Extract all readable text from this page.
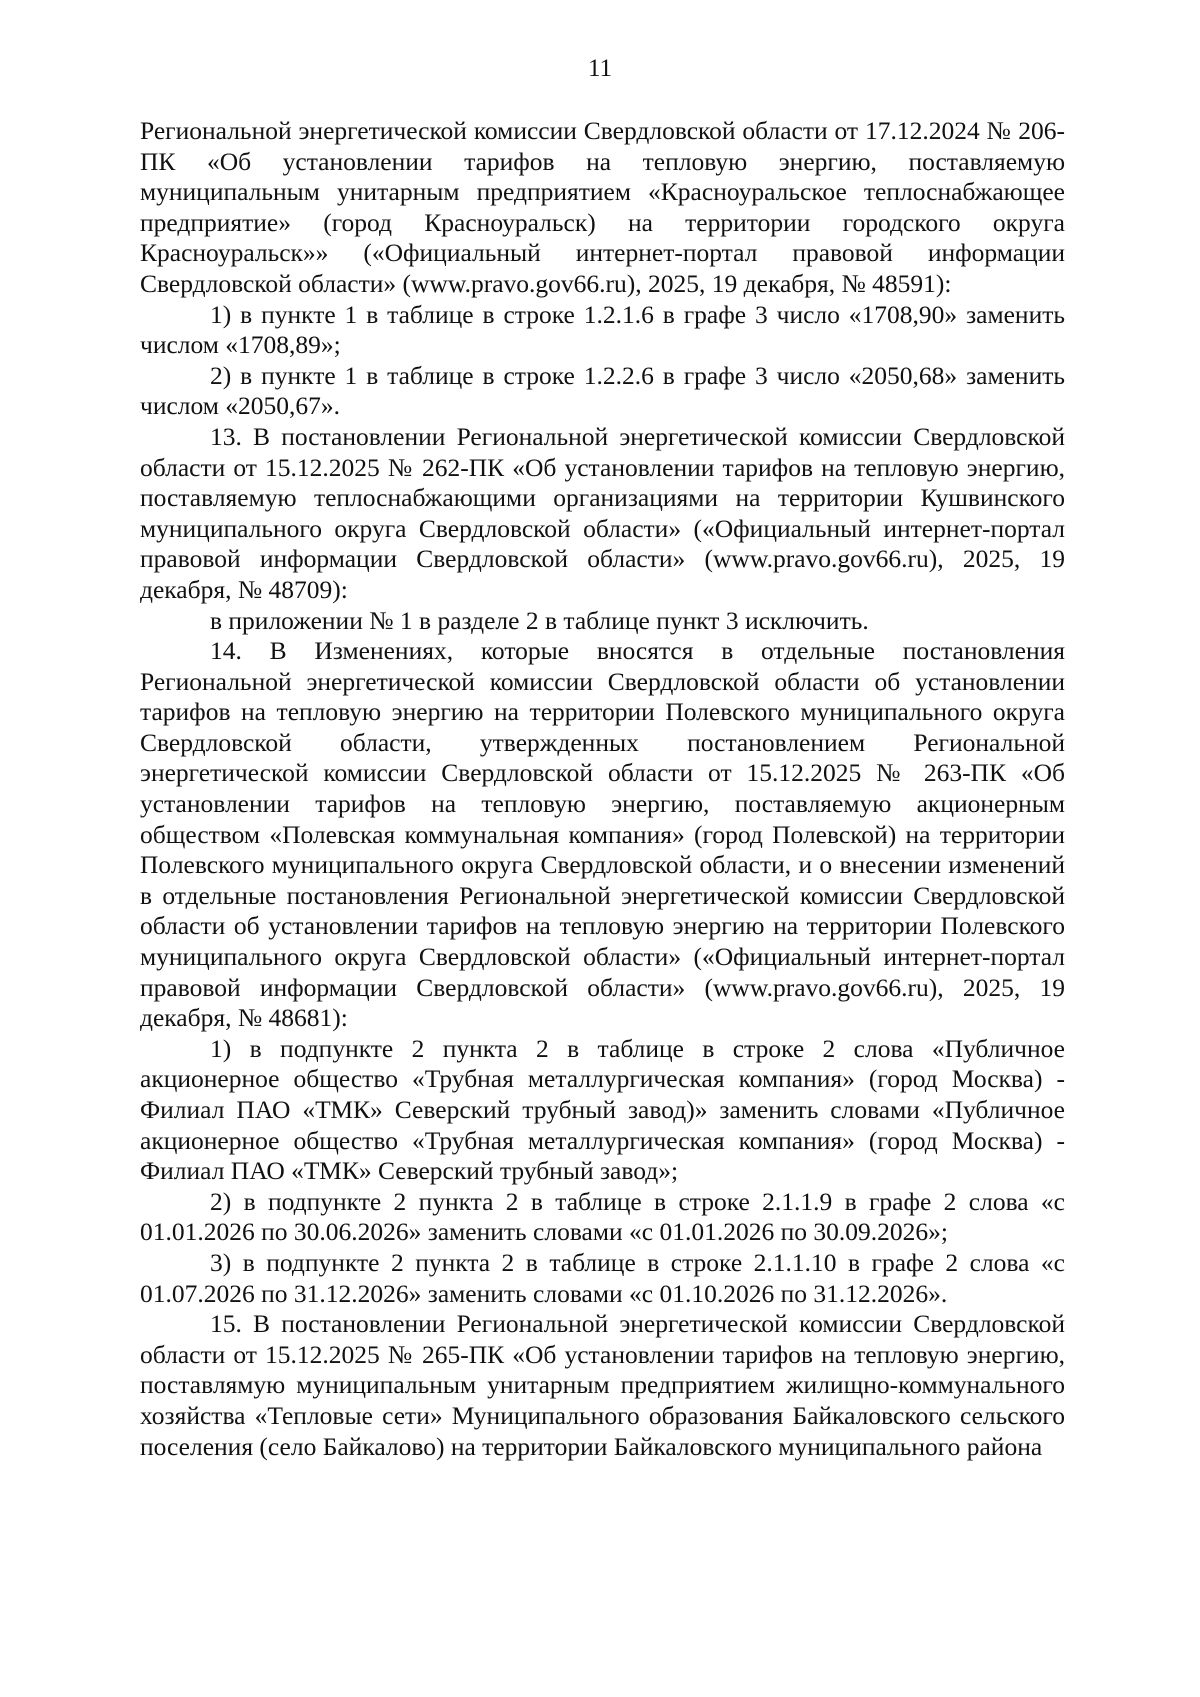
11

Региональной энергетической комиссии Свердловской области от 17.12.2024 № 206-ПК «Об установлении тарифов на тепловую энергию, поставляемую муниципальным унитарным предприятием «Красноуральское теплоснабжающее предприятие» (город Красноуральск) на территории городского округа Красноуральск»» («Официальный интернет-портал правовой информации Свердловской области» (www.pravo.gov66.ru), 2025, 19 декабря, № 48591):

1) в пункте 1 в таблице в строке 1.2.1.6 в графе 3 число «1708,90» заменить числом «1708,89»;

2) в пункте 1 в таблице в строке 1.2.2.6 в графе 3 число «2050,68» заменить числом «2050,67».

13. В постановлении Региональной энергетической комиссии Свердловской области от 15.12.2025 № 262-ПК «Об установлении тарифов на тепловую энергию, поставляемую теплоснабжающими организациями на территории Кушвинского муниципального округа Свердловской области» («Официальный интернет-портал правовой информации Свердловской области» (www.pravo.gov66.ru), 2025, 19 декабря, № 48709):

в приложении № 1 в разделе 2 в таблице пункт 3 исключить.

14. В Изменениях, которые вносятся в отдельные постановления Региональной энергетической комиссии Свердловской области об установлении тарифов на тепловую энергию на территории Полевского муниципального округа Свердловской области, утвержденных постановлением Региональной энергетической комиссии Свердловской области от 15.12.2025 № 263-ПК «Об установлении тарифов на тепловую энергию, поставляемую акционерным обществом «Полевская коммунальная компания» (город Полевской) на территории Полевского муниципального округа Свердловской области, и о внесении изменений в отдельные постановления Региональной энергетической комиссии Свердловской области об установлении тарифов на тепловую энергию на территории Полевского муниципального округа Свердловской области» («Официальный интернет-портал правовой информации Свердловской области» (www.pravo.gov66.ru), 2025, 19 декабря, № 48681):

1) в подпункте 2 пункта 2 в таблице в строке 2 слова «Публичное акционерное общество «Трубная металлургическая компания» (город Москва) - Филиал ПАО «ТМК» Северский трубный завод)» заменить словами «Публичное акционерное общество «Трубная металлургическая компания» (город Москва) - Филиал ПАО «ТМК» Северский трубный завод»;

2) в подпункте 2 пункта 2 в таблице в строке 2.1.1.9 в графе 2 слова «с 01.01.2026 по 30.06.2026» заменить словами «с 01.01.2026 по 30.09.2026»;

3) в подпункте 2 пункта 2 в таблице в строке 2.1.1.10 в графе 2 слова «с 01.07.2026 по 31.12.2026» заменить словами «с 01.10.2026 по 31.12.2026».

15. В постановлении Региональной энергетической комиссии Свердловской области от 15.12.2025 № 265-ПК «Об установлении тарифов на тепловую энергию, поставлямую муниципальным унитарным предприятием жилищно-коммунального хозяйства «Тепловые сети» Муниципального образования Байкаловского сельского поселения (село Байкалово) на территории Байкаловского муниципального района
